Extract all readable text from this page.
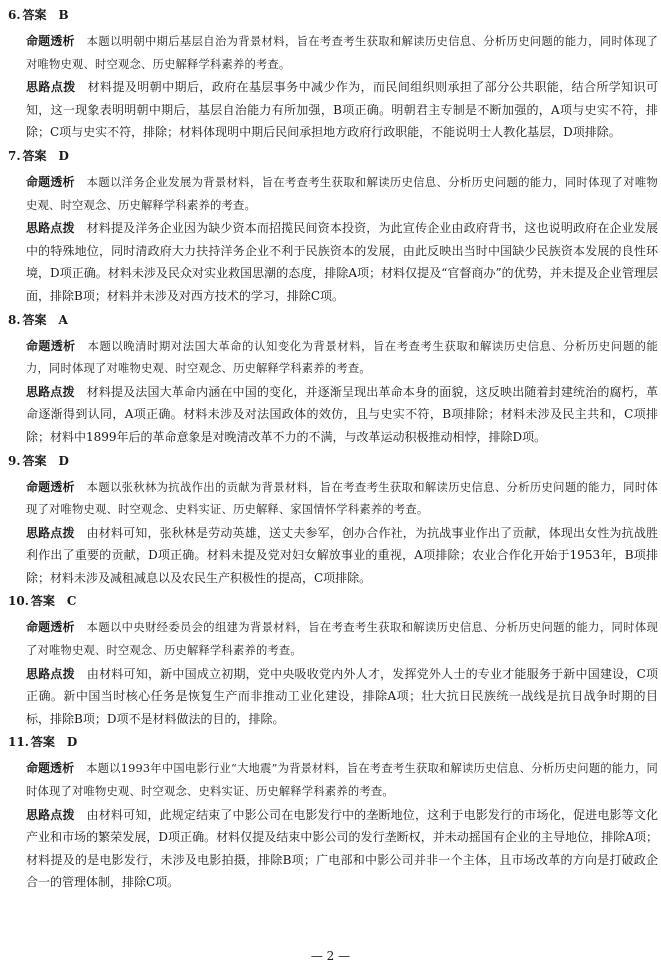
6. 答案 B

命题透析 本题以明朝中期后基层自治为背景材料，旨在考查考生获取和解读历史信息、分析历史问题的能力，同时体现了对唯物史观、时空观念、历史解释学科素养的考查。

思路点拨 材料提及明朝中期后，政府在基层事务中减少作为，而民间组织则承担了部分公共职能，结合所学知识可知，这一现象表明明朝中期后，基层自治能力有所加强，B项正确。明朝君主专制是不断加强的，A项与史实不符，排除；C项与史实不符，排除；材料体现明中期后民间承担地方政府行政职能，不能说明士人教化基层，D项排除。

7. 答案 D

命题透析 本题以洋务企业发展为背景材料，旨在考查考生获取和解读历史信息、分析历史问题的能力，同时体现了对唯物史观、时空观念、历史解释学科素养的考查。

思路点拨 材料提及洋务企业因为缺少资本而招揽民间资本投资，为此宣传企业由政府背书，这也说明政府在企业发展中的特殊地位，同时清政府大力扶持洋务企业不利于民族资本的发展，由此反映出当时中国缺少民族资本发展的良性环境，D项正确。材料未涉及民众对实业救国思潮的态度，排除A项；材料仅提及“官督商办”的优势，并未提及企业管理层面，排除B项；材料并未涉及对西方技术的学习，排除C项。

8. 答案 A

命题透析 本题以晚清时期对法国大革命的认知变化为背景材料，旨在考查考生获取和解读历史信息、分析历史问题的能力，同时体现了对唯物史观、时空观念、历史解释学科素养的考查。

思路点拨 材料提及法国大革命内涵在中国的变化，并逐渐呈现出革命本身的面貌，这反映出随着封建统治的腐朽，革命逐渐得到认同，A项正确。材料未涉及对法国政体的效仿，且与史实不符，B项排除；材料未涉及民主共和，C项排除；材料中1899年后的革命意象是对晚清改革不力的不满，与改革运动积极推动相悖，排除D项。

9. 答案 D

命题透析 本题以张秋林为抗战作出的贡献为背景材料，旨在考查考生获取和解读历史信息、分析历史问题的能力，同时体现了对唯物史观、时空观念、史料实证、历史解释、家国情怀学科素养的考查。

思路点拨 由材料可知，张秋林是劳动英雄，送丈夫参军，创办合作社，为抗战事业作出了贡献，体现出女性为抗战胜利作出了重要的贡献，D项正确。材料未提及党对妇女解放事业的重视，A项排除；农业合作化开始于1953年，B项排除；材料未涉及减租减息以及农民生产积极性的提高，C项排除。

10. 答案 C

命题透析 本题以中央财经委员会的组建为背景材料，旨在考查考生获取和解读历史信息、分析历史问题的能力，同时体现了对唯物史观、时空观念、历史解释学科素养的考查。

思路点拨 由材料可知，新中国成立初期，党中央吸收党内外人才，发挥党外人士的专业才能服务于新中国建设，C项正确。新中国当时核心任务是恢复生产而非推动工业化建设，排除A项；壮大抗日民族统一战线是抗日战争时期的目标，排除B项；D项不是材料做法的目的，排除。

11. 答案 D

命题透析 本题以1993年中国电影行业“大地震”为背景材料，旨在考查考生获取和解读历史信息、分析历史问题的能力，同时体现了对唯物史观、时空观念、史料实证、历史解释学科素养的考查。

思路点拨 由材料可知，此规定结束了中影公司在电影发行中的垄断地位，这利于电影发行的市场化，促进电影等文化产业和市场的繁荣发展，D项正确。材料仅提及结束中影公司的发行垄断权，并未动摇国有企业的主导地位，排除A项；材料提及的是电影发行，未涉及电影拍摄，排除B项；广电部和中影公司并非一个主体，且市场改革的方向是打破政企合一的管理体制，排除C项。

— 2 —
